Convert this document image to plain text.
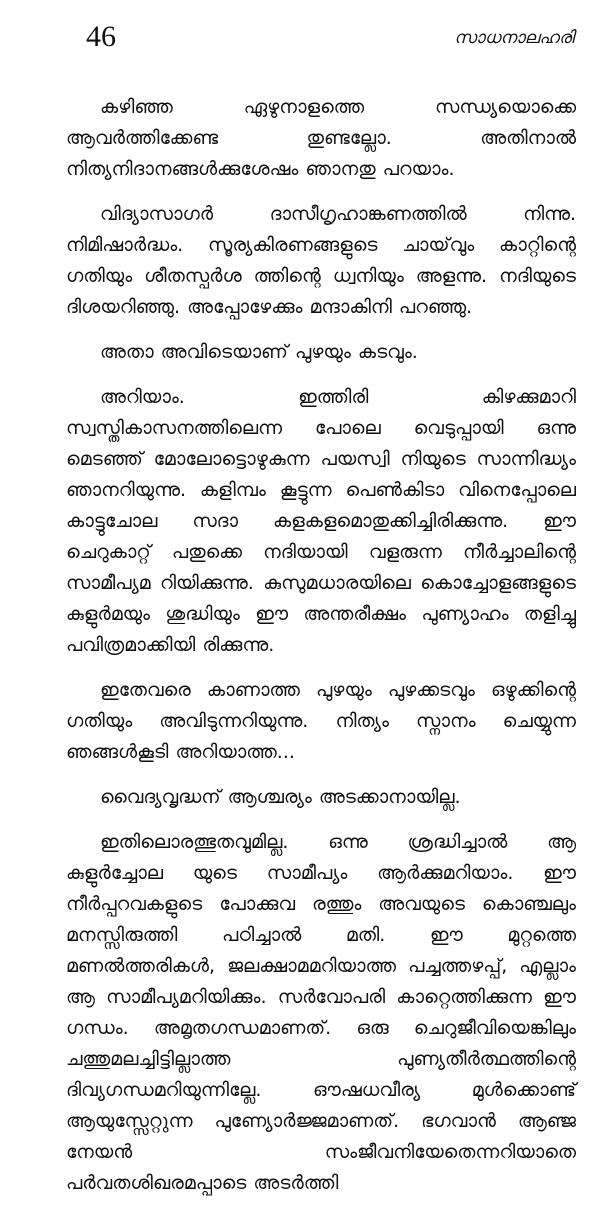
46	സാധനാലഹരി

കഴിഞ്ഞ ഏഴുനാളത്തെ സന്ധ്യയൊക്കെ ആവർത്തിക്കേണ്ട തുണ്ടല്ലോ. അതിനാൽ നിത്യനിദാനങ്ങൾക്കുശേഷം ഞാനതു പറയാം.

വിദ്യാസാഗർ ദാസീഗൃഹാങ്കണത്തിൽ നിന്നു. നിമിഷാർദ്ധം. സൂര്യകിരണങ്ങളുടെ ചായ്‌വും കാറ്റിന്റെ ഗതിയും ശീതസ്പർശ ത്തിന്റെ ധ്വനിയും അളന്നു. നദിയുടെ ദിശയറിഞ്ഞു. അപ്പോഴേക്കും മന്ദാകിനി പറഞ്ഞു.

അതാ അവിടെയാണ് പുഴയും കടവും.

അറിയാം. ഇത്തിരി കിഴക്കുമാറി സ്വസ്തികാസനത്തിലെന്ന പോലെ വെടുപ്പായി ഒന്നു മെടഞ്ഞ് മോലോട്ടൊഴുകുന്ന പയസ്വി നിയുടെ സാന്നിദ്ധ്യം ഞാനറിയുന്നു. കളിമ്പം കൂട്ടുന്ന പെൺകിടാ വിനെപ്പോലെ കാട്ടുചോല സദാ കളകളമൊതുക്കിച്ചിരിക്കുന്നു. ഈ ചെറുകാറ്റ് പതുക്കെ നദിയായി വളരുന്ന നീർച്ചാലിന്റെ സാമീപ്യമ റിയിക്കുന്നു. കുസുമധാരയിലെ കൊച്ചോളങ്ങളുടെ കുളുർമയും ശുദ്ധിയും ഈ അന്തരീക്ഷം പുണ്യാഹം തളിച്ചു പവിത്രമാക്കിയി രിക്കുന്നു.

ഇതേവരെ കാണാത്ത പുഴയും പുഴക്കടവും ഒഴുക്കിന്റെ ഗതിയും അവിടുന്നറിയുന്നു. നിത്യം സ്നാനം ചെയ്യുന്ന ഞങ്ങൾകൂടി അറിയാത്ത...

വൈദ്യവൃദ്ധന് ആശ്ചര്യം അടക്കാനായില്ല.

ഇതിലൊരത്ഭുതവുമില്ല. ഒന്നു ശ്രദ്ധിച്ചാൽ ആ കുളുർച്ചോല യുടെ സാമീപ്യം ആർക്കുമറിയാം. ഈ നീർപ്പറവകളുടെ പോക്കുവ രത്തും അവയുടെ കൊഞ്ചലും മനസ്സിരുത്തി പഠിച്ചാൽ മതി. ഈ മുറ്റത്തെ മണൽത്തരികൾ, ജലക്ഷാമമറിയാത്ത പച്ചത്തഴപ്പ്, എല്ലാം ആ സാമീപ്യമറിയിക്കും. സർവോപരി കാറ്റെത്തിക്കുന്ന ഈ ഗന്ധം. അമൃതഗന്ധമാണത്. ഒരു ചെറുജീവിയെങ്കിലും ചത്തുമലച്ചിട്ടില്ലാത്ത പുണ്യതീർത്ഥത്തിന്റെ ദിവ്യഗന്ധമറിയുന്നില്ലേ. ഔഷധവീര്യ മുൾക്കൊണ്ട് ആയുസ്സേറ്റുന്ന പുണ്യോർജ്ജമാണത്. ഭഗവാൻ ആഞ്ജ നേയൻ സംജീവനിയേതെന്നറിയാതെ പർവതശിഖരമപ്പാടെ അടർത്തി
